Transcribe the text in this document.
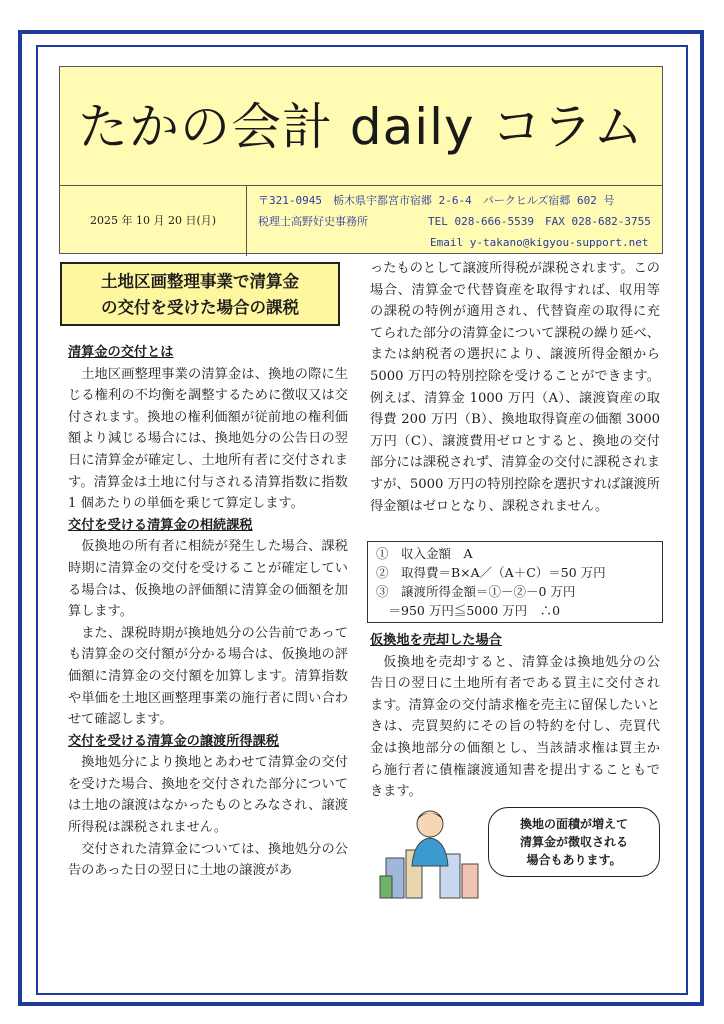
たかの会計 daily コラム
2025 年 10 月 20 日(月)
〒321-0945　栃木県宇都宮市宿郷 2-6-4　パークヒルズ宿郷 602 号
税理士高野好史事務所	TEL 028-666-5539　FAX 028-682-3755
Email y-takano@kigyou-support.net
土地区画整理事業で清算金
の交付を受けた場合の課税
清算金の交付とは

土地区画整理事業の清算金は、換地の際に生じる権利の不均衡を調整するために徴収又は交付されます。換地の権利価額が従前地の権利価額より減じる場合には、換地処分の公告日の翌日に清算金が確定し、土地所有者に交付されます。清算金は土地に付与される清算指数に指数 1 個あたりの単価を乗じて算定します。

交付を受ける清算金の相続課税

仮換地の所有者に相続が発生した場合、課税時期に清算金の交付を受けることが確定している場合は、仮換地の評価額に清算金の価額を加算します。

また、課税時期が換地処分の公告前であっても清算金の交付額が分かる場合は、仮換地の評価額に清算金の交付額を加算します。清算指数や単価を土地区画整理事業の施行者に問い合わせて確認します。

交付を受ける清算金の譲渡所得課税

換地処分により換地とあわせて清算金の交付を受けた場合、換地を交付された部分については土地の譲渡はなかったものとみなされ、譲渡所得税は課税されません。

交付された清算金については、換地処分の公告のあった日の翌日に土地の譲渡があ

ったものとして譲渡所得税が課税されます。この場合、清算金で代替資産を取得すれば、収用等の課税の特例が適用され、代替資産の取得に充てられた部分の清算金について課税の繰り延べ、または納税者の選択により、譲渡所得金額から 5000 万円の特別控除を受けることができます。例えば、清算金 1000 万円（A）、譲渡資産の取得費 200 万円（B）、換地取得資産の価額 3000 万円（C）、譲渡費用ゼロとすると、換地の交付部分には課税されず、清算金の交付に課税されますが、5000 万円の特別控除を選択すれば譲渡所得金額はゼロとなり、課税されません。

①　収入金額　A
②　取得費＝B×A／（A＋C）＝50 万円
③　譲渡所得金額＝①－②－0 万円
　＝950 万円≦5000 万円　∴0
仮換地を売却した場合

仮換地を売却すると、清算金は換地処分の公告日の翌日に土地所有者である買主に交付されます。清算金の交付請求権を売主に留保したいときは、売買契約にその旨の特約を付し、売買代金は換地部分の価額とし、当該請求権は買主から施行者に債権譲渡通知書を提出することもできます。

換地の面積が増えて
清算金が徴収される
場合もあります。
